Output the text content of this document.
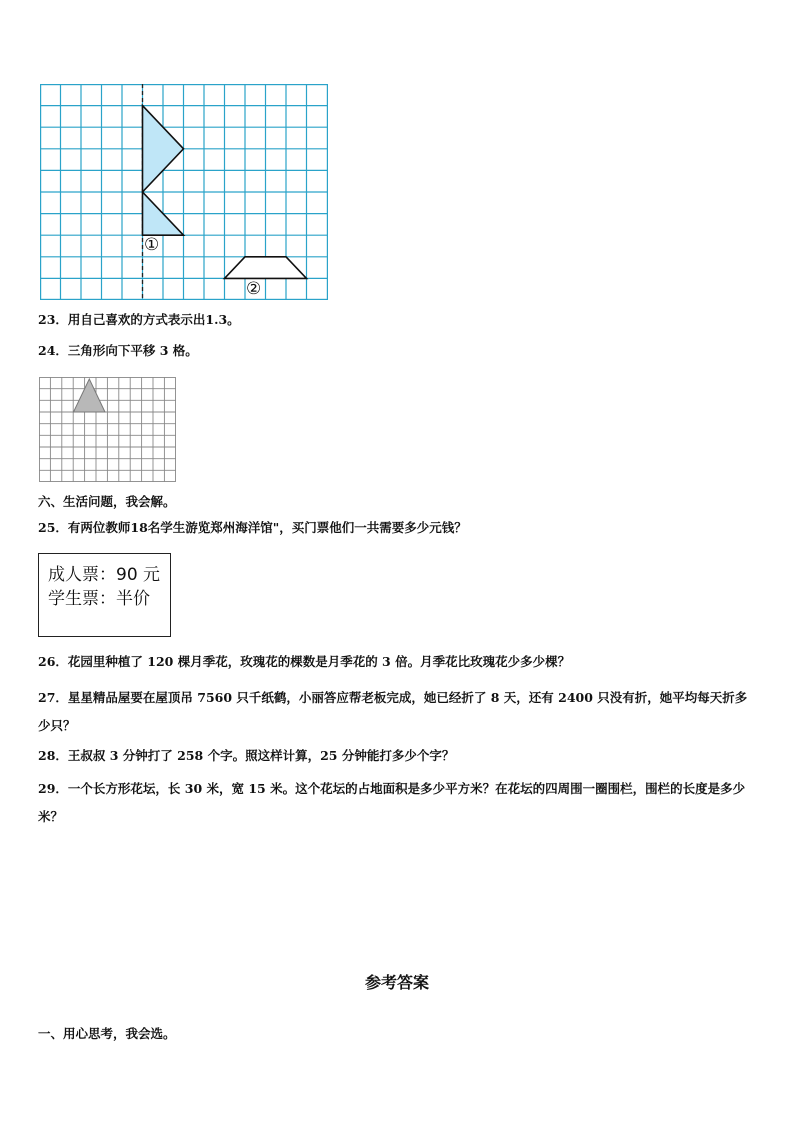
①
②
23．用自己喜欢的方式表示出1.3。
24．三角形向下平移 3 格。
六、生活问题，我会解。
25．有两位教师18名学生游览郑州海洋馆"，买门票他们一共需要多少元钱？
成人票：90 元
学生票：半价
26．花园里种植了 120 棵月季花，玫瑰花的棵数是月季花的 3 倍。月季花比玫瑰花少多少棵？
27．星星精品屋要在屋顶吊 7560 只千纸鹤，小丽答应帮老板完成，她已经折了 8 天，还有 2400 只没有折，她平均每天折多少只？
28．王叔叔 3 分钟打了 258 个字。照这样计算，25 分钟能打多少个字？
29．一个长方形花坛，长 30 米，宽 15 米。这个花坛的占地面积是多少平方米？在花坛的四周围一圈围栏，围栏的长度是多少米？
参考答案
一、用心思考，我会选。
